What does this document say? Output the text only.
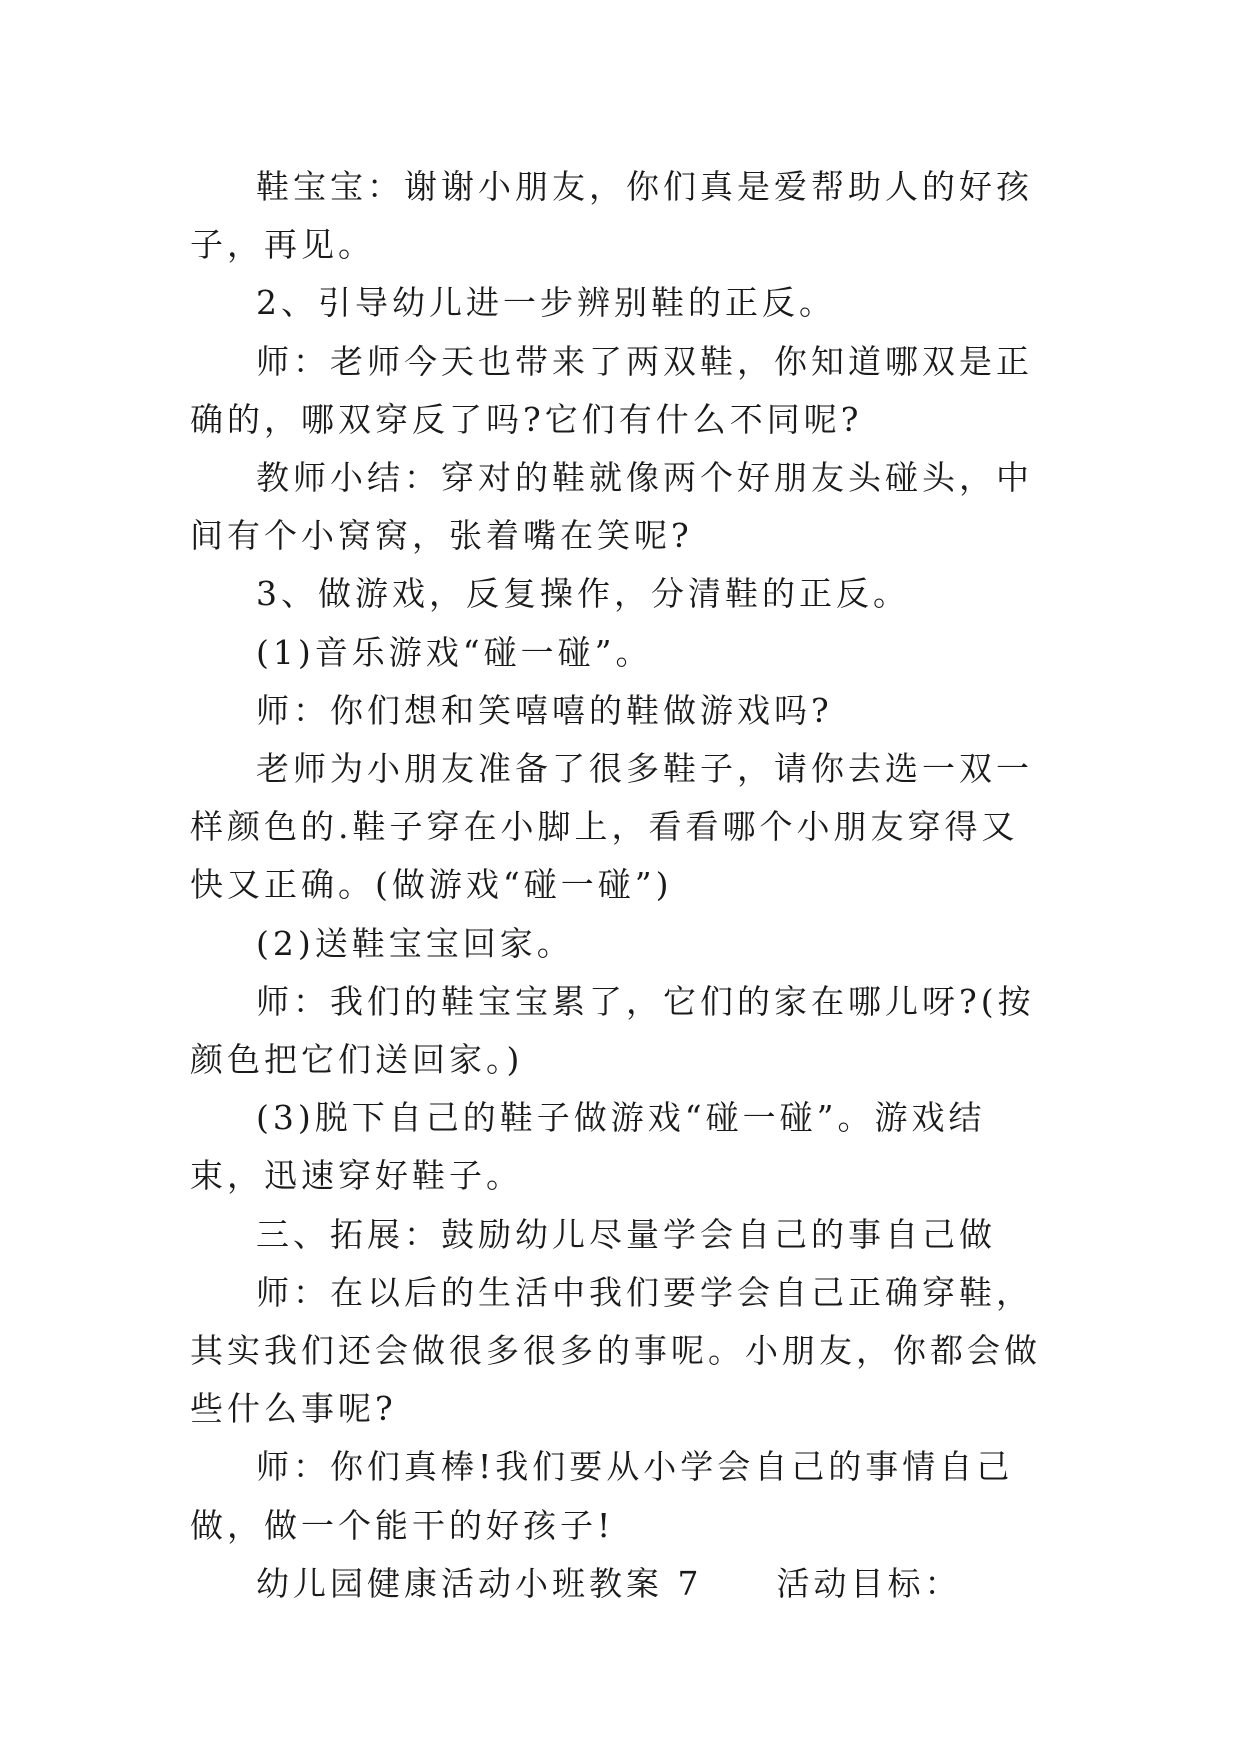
鞋宝宝：谢谢小朋友，你们真是爱帮助人的好孩子，再见。

2、引导幼儿进一步辨别鞋的正反。

师：老师今天也带来了两双鞋，你知道哪双是正确的，哪双穿反了吗?它们有什么不同呢?

教师小结：穿对的鞋就像两个好朋友头碰头，中间有个小窝窝，张着嘴在笑呢?

3、做游戏，反复操作，分清鞋的正反。

(1)音乐游戏“碰一碰”。

师：你们想和笑嘻嘻的鞋做游戏吗?

老师为小朋友准备了很多鞋子，请你去选一双一样颜色的.鞋子穿在小脚上，看看哪个小朋友穿得又快又正确。(做游戏“碰一碰”)

(2)送鞋宝宝回家。

师：我们的鞋宝宝累了，它们的家在哪儿呀?(按颜色把它们送回家。)

(3)脱下自己的鞋子做游戏“碰一碰”。游戏结束，迅速穿好鞋子。

三、拓展：鼓励幼儿尽量学会自己的事自己做

师：在以后的生活中我们要学会自己正确穿鞋，其实我们还会做很多很多的事呢。小朋友，你都会做些什么事呢?

师：你们真棒!我们要从小学会自己的事情自己做，做一个能干的好孩子!

幼儿园健康活动小班教案 7　　活动目标：
